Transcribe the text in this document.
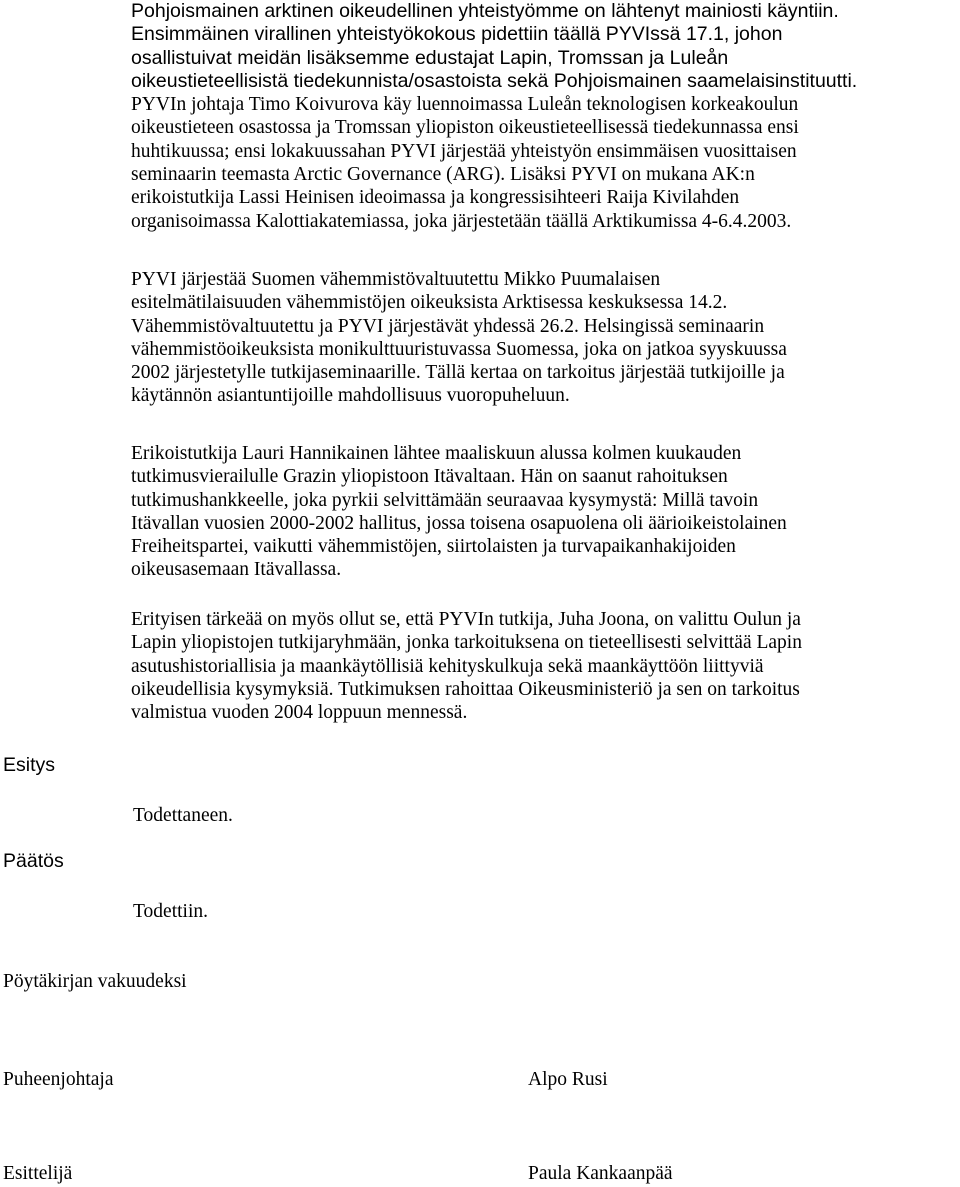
Pohjoismainen arktinen oikeudellinen yhteistyömme on lähtenyt mainiosti käyntiin.
Ensimmäinen virallinen yhteistyökokous pidettiin täällä PYVIssä 17.1, johon
osallistuivat meidän lisäksemme edustajat Lapin, Tromssan ja Luleån
oikeustieteellisistä tiedekunnista/osastoista sekä Pohjoismainen saamelaisinstituutti.
PYVIn johtaja Timo Koivurova käy luennoimassa Luleån teknologisen korkeakoulun
oikeustieteen osastossa ja Tromssan yliopiston oikeustieteellisessä tiedekunnassa ensi
huhtikuussa; ensi lokakuussahan PYVI järjestää yhteistyön ensimmäisen vuosittaisen
seminaarin teemasta Arctic Governance (ARG). Lisäksi PYVI on mukana AK:n
erikoistutkija Lassi Heinisen ideoimassa ja kongressisihteeri Raija Kivilahden
organisoimassa Kalottiakatemiassa, joka järjestetään täällä Arktikumissa 4-6.4.2003.
PYVI järjestää Suomen vähemmistövaltuutettu Mikko Puumalaisen
esitelmätilaisuuden vähemmistöjen oikeuksista Arktisessa keskuksessa 14.2.
Vähemmistövaltuutettu ja PYVI järjestävät yhdessä 26.2. Helsingissä seminaarin
vähemmistöoikeuksista monikulttuuristuvassa Suomessa, joka on jatkoa syyskuussa
2002 järjestetylle tutkijaseminaarille. Tällä kertaa on tarkoitus järjestää tutkijoille ja
käytännön asiantuntijoille mahdollisuus vuoropuheluun.
Erikoistutkija Lauri Hannikainen lähtee maaliskuun alussa kolmen kuukauden
tutkimusvierailulle Grazin yliopistoon Itävaltaan. Hän on saanut rahoituksen
tutkimushankkeelle, joka pyrkii selvittämään seuraavaa kysymystä: Millä tavoin
Itävallan vuosien 2000-2002 hallitus, jossa toisena osapuolena oli äärioikeistolainen
Freiheitspartei, vaikutti vähemmistöjen, siirtolaisten ja turvapaikanhakijoiden
oikeusasemaan Itävallassa.
Erityisen tärkeää on myös ollut se, että PYVIn tutkija, Juha Joona, on valittu Oulun ja
Lapin yliopistojen tutkijaryhmään, jonka tarkoituksena on tieteellisesti selvittää Lapin
asutushistoriallisia ja maankäytöllisiä kehityskulkuja sekä maankäyttöön liittyviä
oikeudellisia kysymyksiä. Tutkimuksen rahoittaa Oikeusministeriö ja sen on tarkoitus
valmistua vuoden 2004 loppuun mennessä.
Esitys
Todettaneen.
Päätös
Todettiin.
Pöytäkirjan vakuudeksi
Puheenjohtaja	Alpo Rusi
Esittelijä	Paula Kankaanpää
